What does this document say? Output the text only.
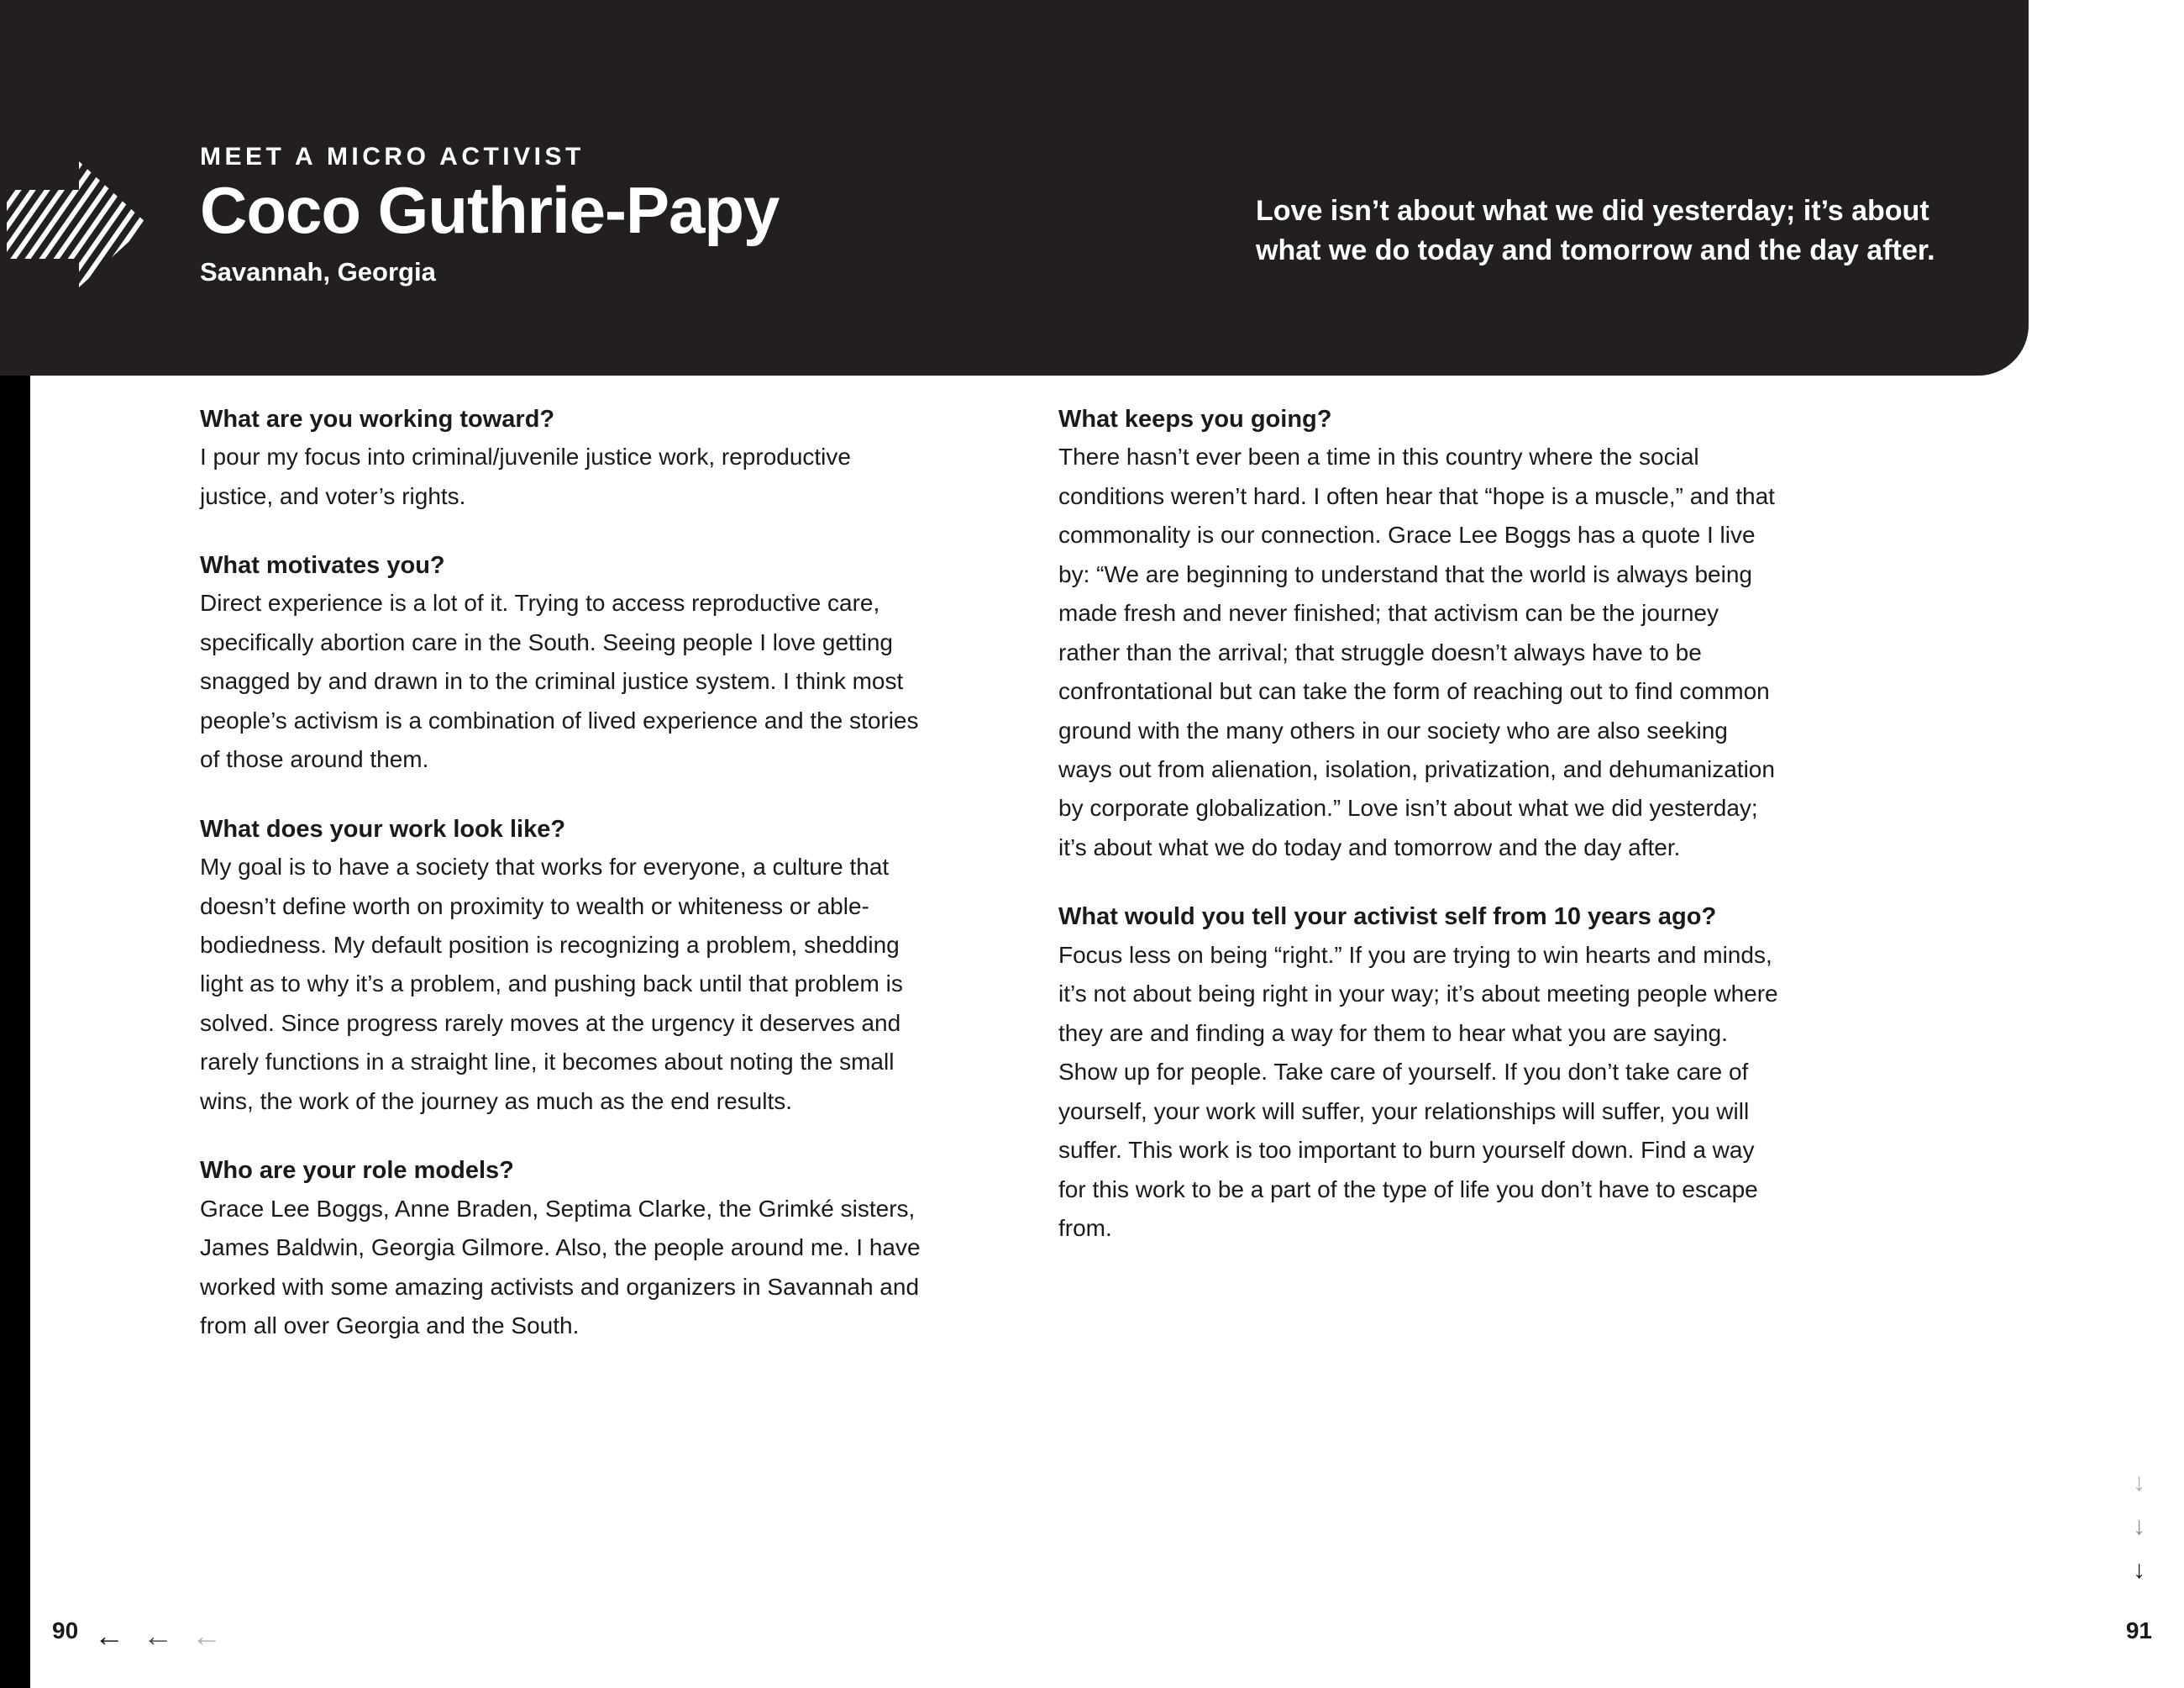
MEET A MICRO ACTIVIST

Coco Guthrie-Papy

Savannah, Georgia

Love isn’t about what we did yesterday; it’s about what we do today and tomorrow and the day after.

What are you working toward?

I pour my focus into criminal/juvenile justice work, reproductive justice, and voter’s rights.

What motivates you?

Direct experience is a lot of it. Trying to access reproductive care, specifically abortion care in the South. Seeing people I love getting snagged by and drawn in to the criminal justice system. I think most people’s activism is a combination of lived experience and the stories of those around them.

What does your work look like?

My goal is to have a society that works for everyone, a culture that doesn’t define worth on proximity to wealth or whiteness or able-bodiedness. My default position is recognizing a problem, shedding light as to why it’s a problem, and pushing back until that problem is solved. Since progress rarely moves at the urgency it deserves and rarely functions in a straight line, it becomes about noting the small wins, the work of the journey as much as the end results.

Who are your role models?

Grace Lee Boggs, Anne Braden, Septima Clarke, the Grimké sisters, James Baldwin, Georgia Gilmore. Also, the people around me. I have worked with some amazing activists and organizers in Savannah and from all over Georgia and the South.

What keeps you going?

There hasn’t ever been a time in this country where the social conditions weren’t hard. I often hear that “hope is a muscle,” and that commonality is our connection. Grace Lee Boggs has a quote I live by: “We are beginning to understand that the world is always being made fresh and never finished; that activism can be the journey rather than the arrival; that struggle doesn’t always have to be confrontational but can take the form of reaching out to find common ground with the many others in our society who are also seeking ways out from alienation, isolation, privatization, and dehumanization by corporate globalization.” Love isn’t about what we did yesterday; it’s about what we do today and tomorrow and the day after.

What would you tell your activist self from 10 years ago?

Focus less on being “right.” If you are trying to win hearts and minds, it’s not about being right in your way; it’s about meeting people where they are and finding a way for them to hear what you are saying. Show up for people. Take care of yourself. If you don’t take care of yourself, your work will suffer, your relationships will suffer, you will suffer. This work is too important to burn yourself down. Find a way for this work to be a part of the type of life you don’t have to escape from.

90	91
← ← ←
↓
↓
↓
